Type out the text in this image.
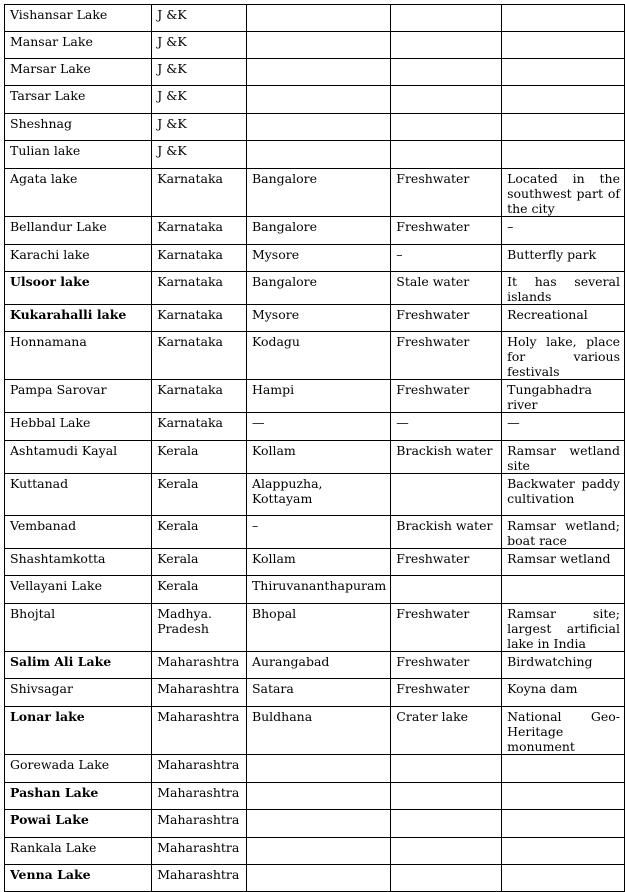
Vishansar Lake	J &K			
Mansar Lake	J &K			
Marsar Lake	J &K			
Tarsar Lake	J &K			
Sheshnag	J &K			
Tulian lake	J &K			
Agata lake	Karnataka	Bangalore	Freshwater	Located in the southwest part of the city
Bellandur Lake	Karnataka	Bangalore	Freshwater	–
Karachi lake	Karnataka	Mysore	–	Butterfly park
Ulsoor lake	Karnataka	Bangalore	Stale water	It has several islands
Kukarahalli lake	Karnataka	Mysore	Freshwater	Recreational
Honnamana	Karnataka	Kodagu	Freshwater	Holy lake, place for various festivals
Pampa Sarovar	Karnataka	Hampi	Freshwater	Tungabhadra river
Hebbal Lake	Karnataka	—	—	—
Ashtamudi Kayal	Kerala	Kollam	Brackish water	Ramsar wetland site
Kuttanad	Kerala	Alappuzha, Kottayam		Backwater paddy cultivation
Vembanad	Kerala	–	Brackish water	Ramsar wetland; boat race
Shashtamkotta	Kerala	Kollam	Freshwater	Ramsar wetland
Vellayani Lake	Kerala	Thiruvananthapuram		
Bhojtal	Madhya. Pradesh	Bhopal	Freshwater	Ramsar site; largest artificial lake in India
Salim Ali Lake	Maharashtra	Aurangabad	Freshwater	Birdwatching
Shivsagar	Maharashtra	Satara	Freshwater	Koyna dam
Lonar lake	Maharashtra	Buldhana	Crater lake	National Geo-Heritage monument
Gorewada Lake	Maharashtra			
Pashan Lake	Maharashtra			
Powai Lake	Maharashtra			
Rankala Lake	Maharashtra			
Venna Lake	Maharashtra			
